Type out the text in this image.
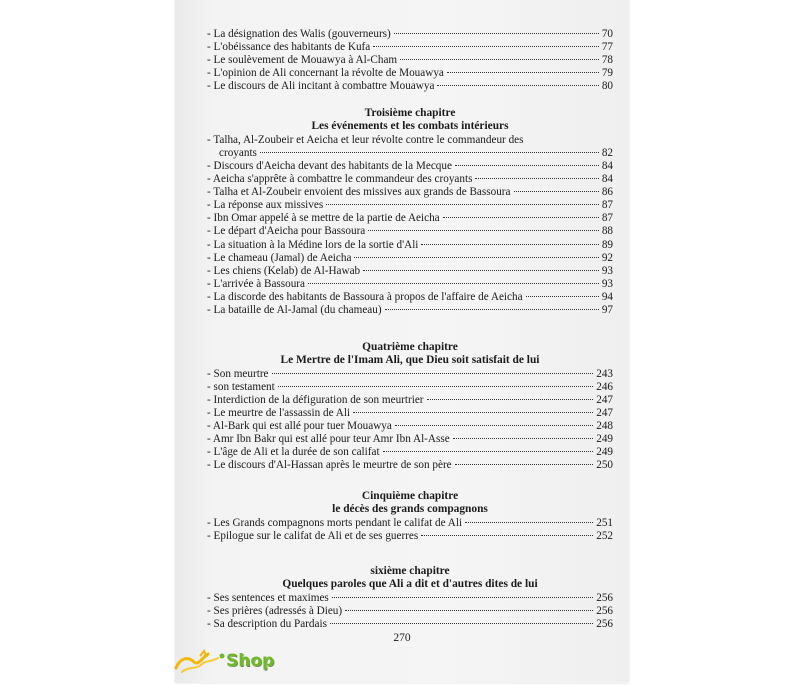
- La désignation des Walis (gouverneurs)	70
- L'obéissance des habitants de Kufa	77
- Le soulèvement de Mouawya à Al-Cham	78
- L'opinion de Ali concernant la révolte de Mouawya	79
- Le discours de Ali incitant à combattre Mouawya	80
Troisième chapitre
Les événements et les combats intérieurs
- Talha, Al-Zoubeir et Aeicha et leur révolte contre le commandeur des
croyants	82
- Discours d'Aeicha devant des habitants de la Mecque	84
- Aeicha s'apprête à combattre le commandeur des croyants	84
- Talha et Al-Zoubeir envoient des missives aux grands de Bassoura	86
- La réponse aux missives	87
- Ibn Omar appelé à se mettre de la partie de Aeicha	87
- Le départ d'Aeicha pour Bassoura	88
- La situation à la Médine lors de la sortie d'Ali	89
- Le chameau (Jamal) de Aeicha	92
- Les chiens (Kelab) de Al-Hawab	93
- L'arrivée à Bassoura	93
- La discorde des habitants de Bassoura à propos de l'affaire de Aeicha	94
- La bataille de Al-Jamal (du chameau)	97
Quatrième chapitre
Le Mertre de l'Imam Ali, que Dieu soit satisfait de lui
- Son meurtre	243
- son testament	246
- Interdiction de la défiguration de son meurtrier	247
- Le meurtre de l'assassin de Ali	247
- Al-Bark qui est allé pour tuer Mouawya	248
- Amr Ibn Bakr qui est allé pour teur Amr Ibn Al-Asse	249
- L'âge de Ali et la durée de son califat	249
- Le discours d'Al-Hassan après le meurtre de son père	250
Cinquième chapitre
le décès des grands compagnons
- Les Grands compagnons morts pendant le califat de Ali	251
- Epilogue sur le califat de Ali et de ses guerres	252
sixième chapitre
Quelques paroles que Ali a dit et d'autres dites de lui
- Ses sentences et maximes	256
- Ses prières (adressés à Dieu)	256
- Sa description du Pardais	256
270
Shop
